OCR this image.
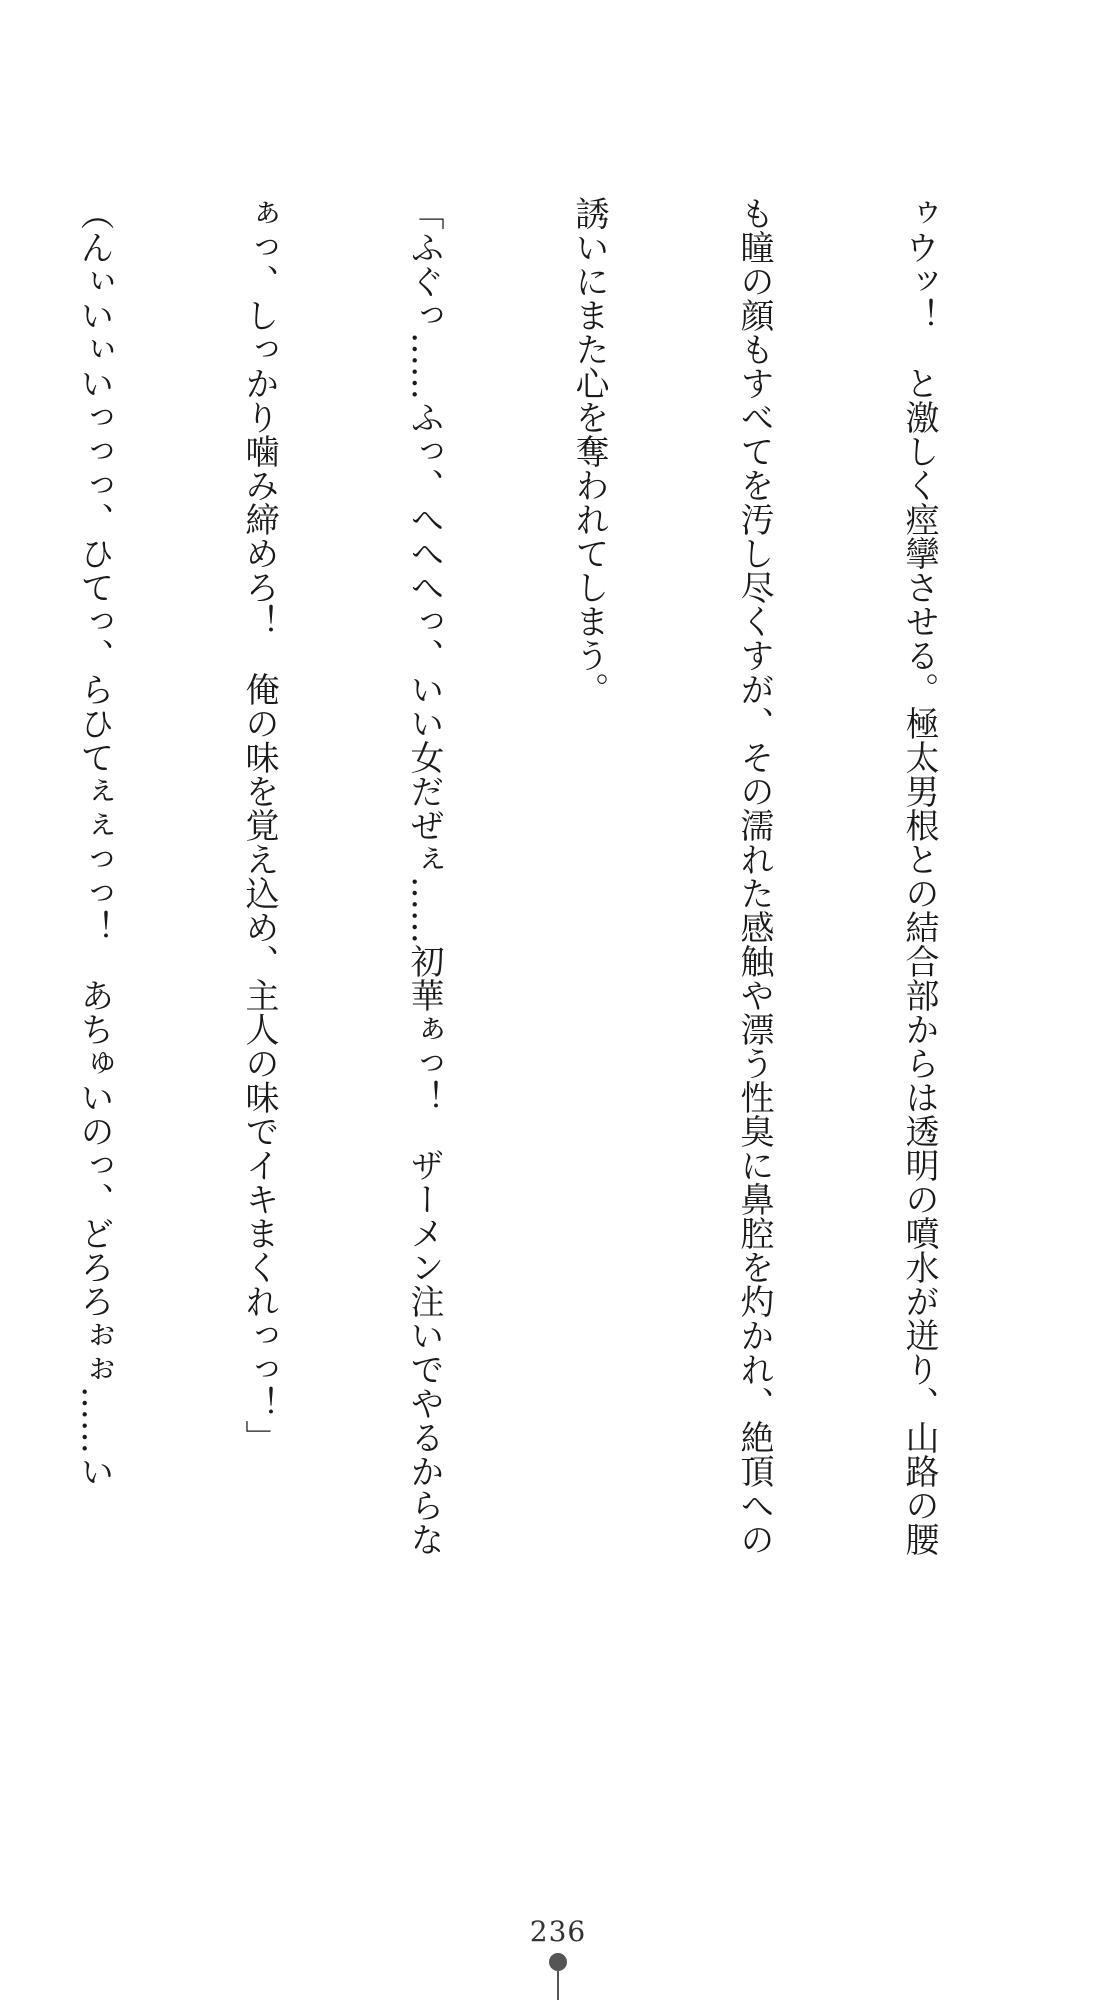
ゥウッ！　と激しく痙攣させる。極太男根との結合部からは透明の噴水が迸り、山路の腰

も瞳の顔もすべてを汚し尽くすが、その濡れた感触や漂う性臭に鼻腔を灼かれ、絶頂への

誘いにまた心を奪われてしまう。

「ふぐっ……ふっ、へへへっ、いい女だぜぇ……初華ぁっ！　ザーメン注いでやるからな

ぁっ、しっかり噛み締めろ！　俺の味を覚え込め、主人の味でイキまくれっっ！」

（んぃいぃいっっっ、ひてっ、らひてぇぇっっ！　あちゅいのっ、どろろぉぉ……い

236
